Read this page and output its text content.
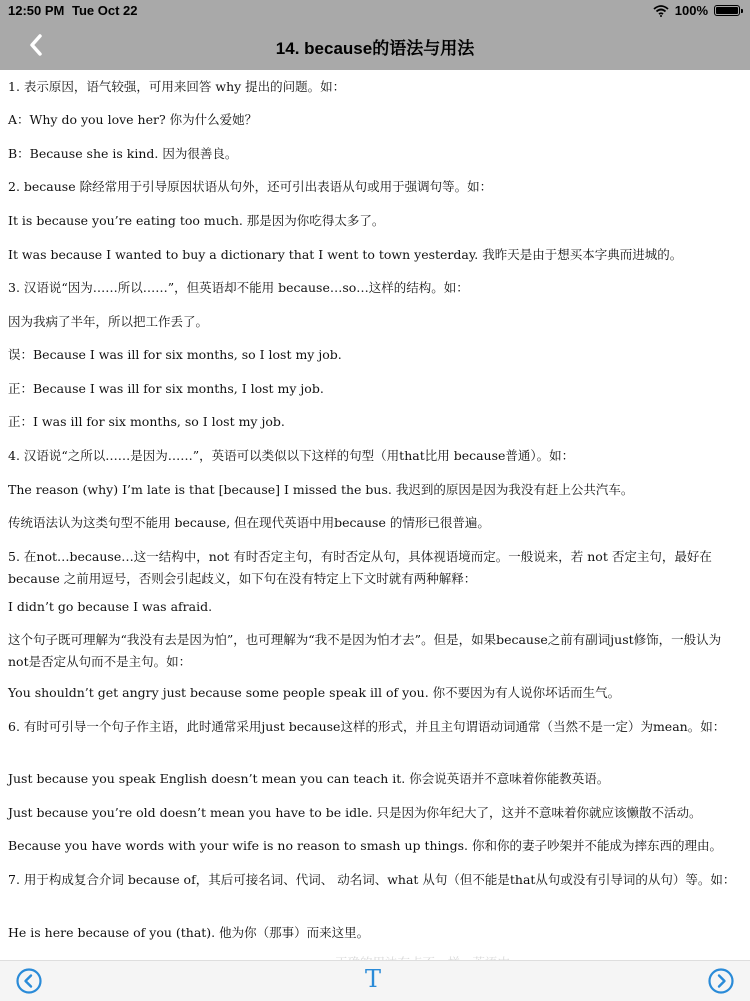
12:50 PM Tue Oct 22	100%
14. because的语法与用法
1. 表示原因，语气较强，可用来回答 why 提出的问题。如：
A：Why do you love her? 你为什么爱她？
B：Because she is kind. 因为很善良。
2. because 除经常用于引导原因状语从句外，还可引出表语从句或用于强调句等。如：
It is because you’re eating too much. 那是因为你吃得太多了。
It was because I wanted to buy a dictionary that I went to town yesterday. 我昨天是由于想买本字典而进城的。
3. 汉语说“因为……所以……”，但英语却不能用 because…so…这样的结构。如：
因为我病了半年，所以把工作丢了。
误：Because I was ill for six months, so I lost my job.
正：Because I was ill for six months, I lost my job.
正：I was ill for six months, so I lost my job.
4. 汉语说“之所以……是因为……”，英语可以类似以下这样的句型（用that比用 because普通）。如：
The reason (why) I’m late is that [because] I missed the bus. 我迟到的原因是因为我没有赶上公共汽车。
传统语法认为这类句型不能用 because, 但在现代英语中用because 的情形已很普遍。
5. 在not…because…这一结构中，not 有时否定主句，有时否定从句，具体视语境而定。一般说来，若 not 否定主句，最好在because 之前用逗号，否则会引起歧义，如下句在没有特定上下文时就有两种解释：
I didn’t go because I was afraid.
这个句子既可理解为“我没有去是因为怕”，也可理解为“我不是因为怕才去”。但是，如果because之前有副词just修饰，一般认为not是否定从句而不是主句。如：
You shouldn’t get angry just because some people speak ill of you. 你不要因为有人说你坏话而生气。
6. 有时可引导一个句子作主语，此时通常采用just because这样的形式，并且主句谓语动词通常（当然不是一定）为mean。如：
Just because you speak English doesn’t mean you can teach it. 你会说英语并不意味着你能教英语。
Just because you’re old doesn’t mean you have to be idle. 只是因为你年纪大了，这并不意味着你就应该懒散不活动。
Because you have words with your wife is no reason to smash up things. 你和你的妻子吵架并不能成为摔东西的理由。
7. 用于构成复合介词 because of，其后可接名词、代词、 动名词、what 从句（但不能是that从句或没有引导词的从句）等。如：
He is here because of you (that). 他为你（那事）而来这里。
T
